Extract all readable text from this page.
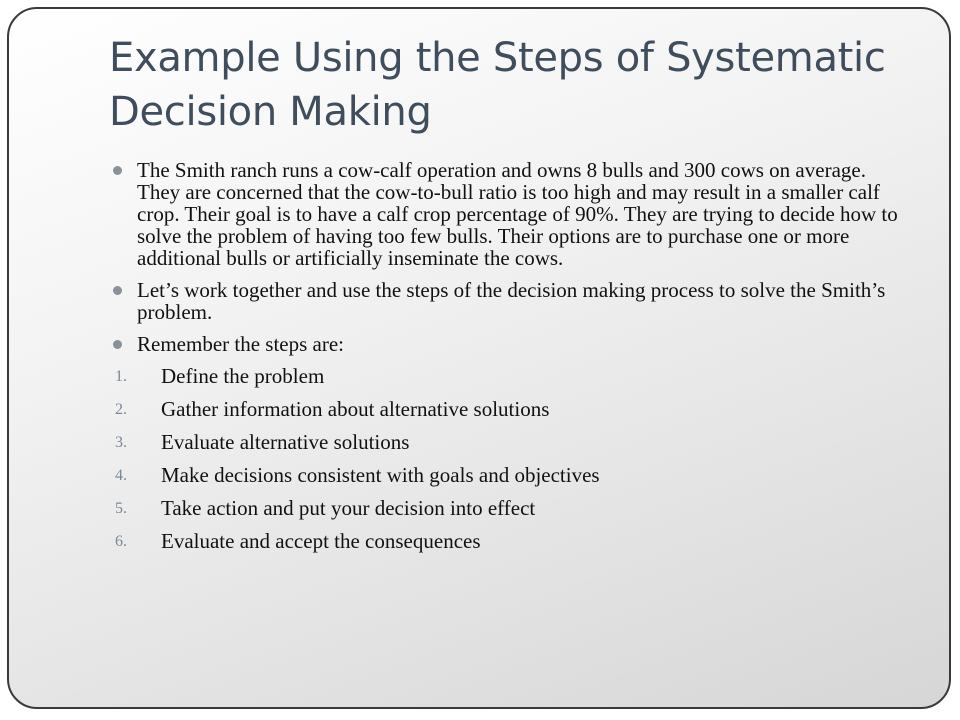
Example Using the Steps of Systematic Decision Making
The Smith ranch runs a cow-calf operation and owns 8 bulls and 300 cows on average. They are concerned that the cow-to-bull ratio is too high and may result in a smaller calf crop. Their goal is to have a calf crop percentage of 90%. They are trying to decide how to solve the problem of having too few bulls. Their options are to purchase one or more additional bulls or artificially inseminate the cows.
Let’s work together and use the steps of the decision making process to solve the Smith’s problem.
Remember the steps are:
1. Define the problem
2. Gather information about alternative solutions
3. Evaluate alternative solutions
4. Make decisions consistent with goals and objectives
5. Take action and put your decision into effect
6. Evaluate and accept the consequences
